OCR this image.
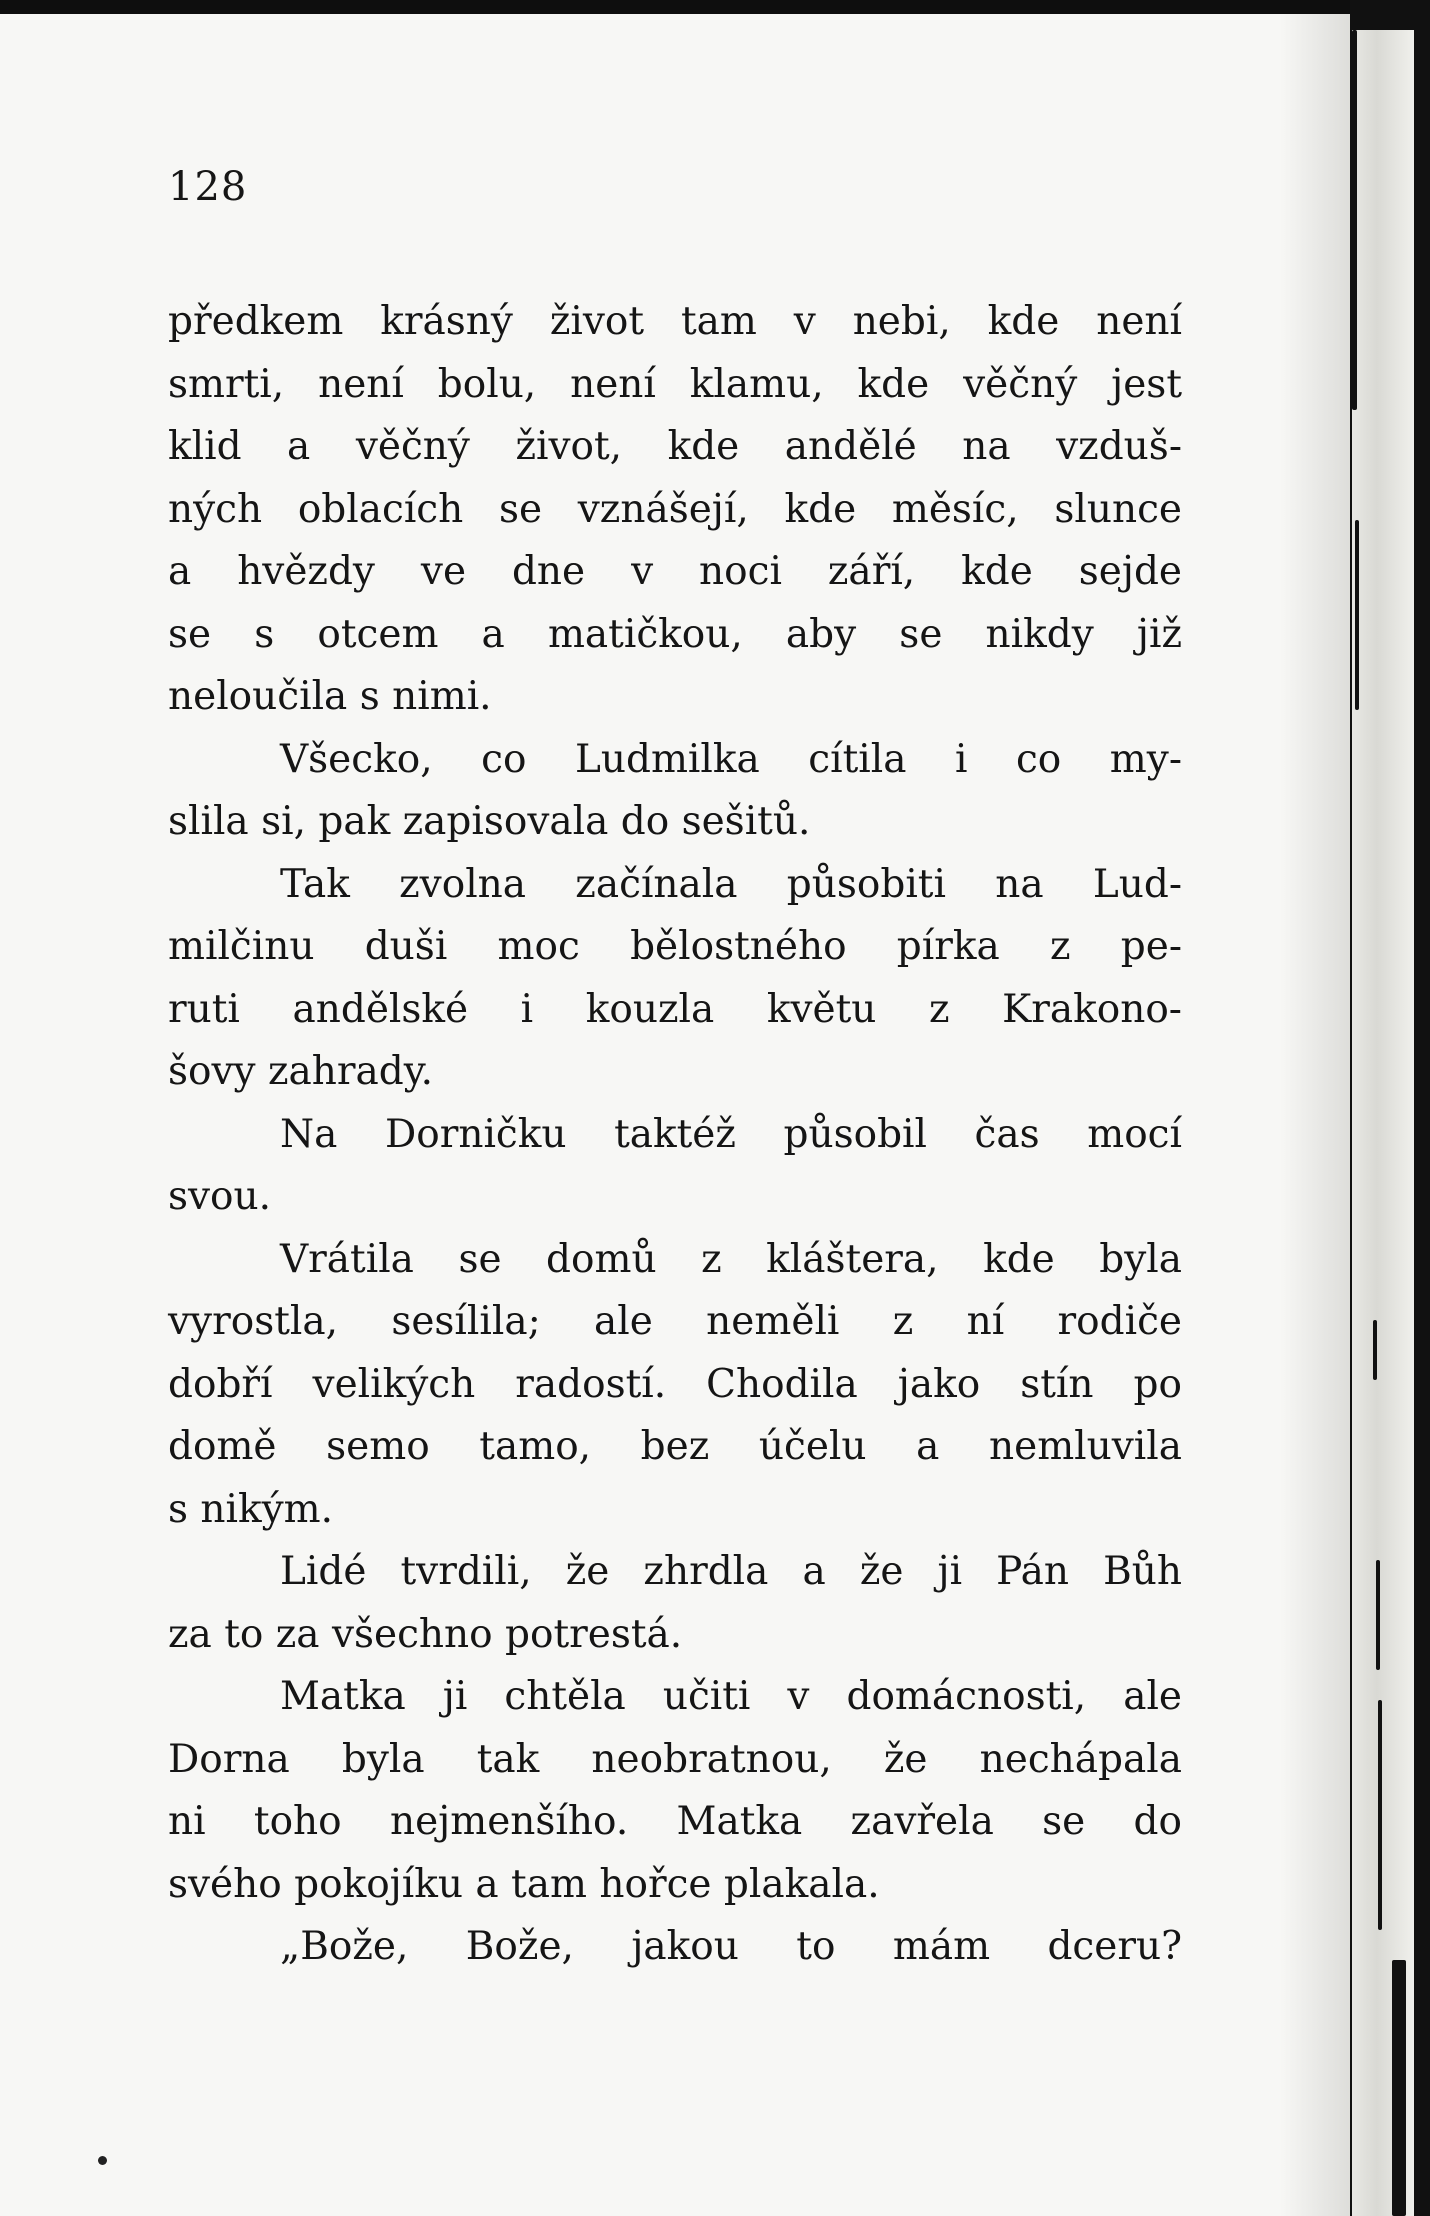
128
předkem krásný život tam v nebi, kde není
smrti, není bolu, není klamu, kde věčný jest
klid a věčný život, kde andělé na vzduš-
ných oblacích se vznášejí, kde měsíc, slunce
a hvězdy ve dne v noci září, kde sejde
se s otcem a matičkou, aby se nikdy již
neloučila s nimi.
Všecko, co Ludmilka cítila i co my-
slila si, pak zapisovala do sešitů.
Tak zvolna začínala působiti na Lud-
milčinu duši moc bělostného pírka z pe-
ruti andělské i kouzla květu z Krakono-
šovy zahrady.
Na Dorničku taktéž působil čas mocí
svou.
Vrátila se domů z kláštera, kde byla
vyrostla, sesílila; ale neměli z ní rodiče
dobří velikých radostí. Chodila jako stín po
domě semo tamo, bez účelu a nemluvila
s nikým.
Lidé tvrdili, že zhrdla a že ji Pán Bůh
za to za všechno potrestá.
Matka ji chtěla učiti v domácnosti, ale
Dorna byla tak neobratnou, že nechápala
ni toho nejmenšího. Matka zavřela se do
svého pokojíku a tam hořce plakala.
„Bože, Bože, jakou to mám dceru?
